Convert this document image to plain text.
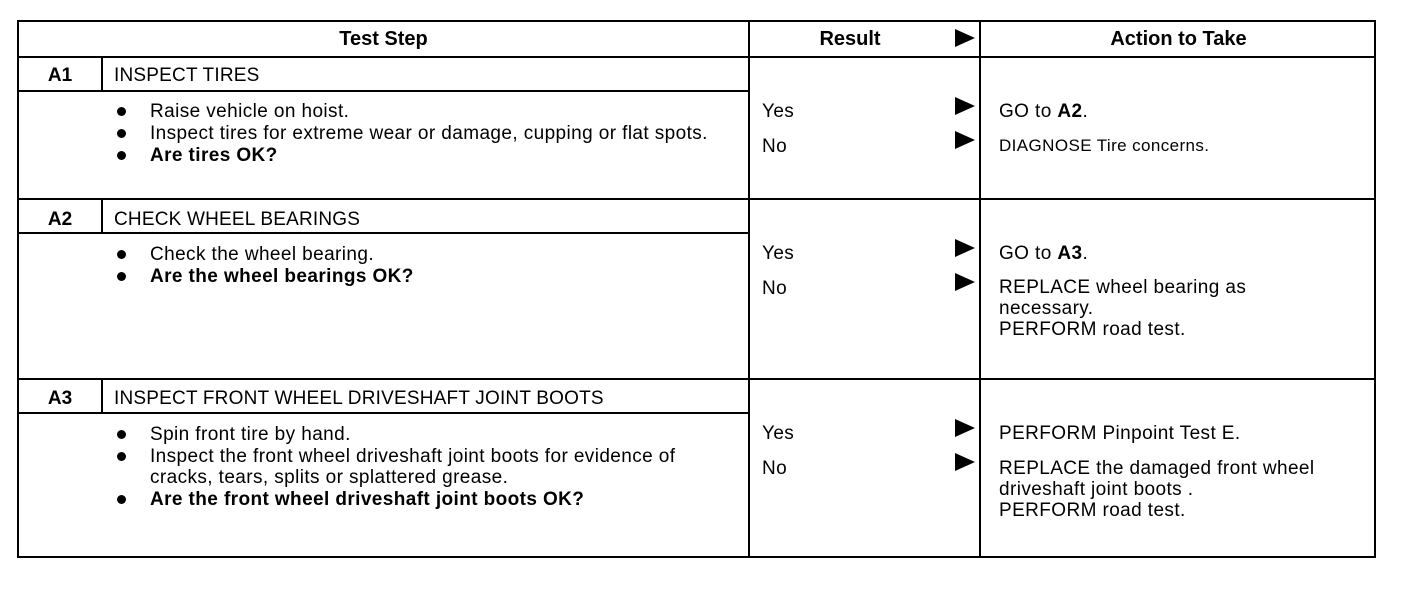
Test Step	Result	Action to Take
A1	INSPECT TIRES
Raise vehicle on hoist.
Inspect tires for extreme wear or damage, cupping or flat spots.
Are tires OK?
Yes	GO to A2.
No	DIAGNOSE Tire concerns.
A2	CHECK WHEEL BEARINGS
Check the wheel bearing.
Are the wheel bearings OK?
Yes	GO to A3.
No	REPLACE wheel bearing as necessary.
PERFORM road test.
A3	INSPECT FRONT WHEEL DRIVESHAFT JOINT BOOTS
Spin front tire by hand.
Inspect the front wheel driveshaft joint boots for evidence of cracks, tears, splits or splattered grease.
Are the front wheel driveshaft joint boots OK?
Yes	PERFORM Pinpoint Test E.
No	REPLACE the damaged front wheel driveshaft joint boots .
PERFORM road test.
